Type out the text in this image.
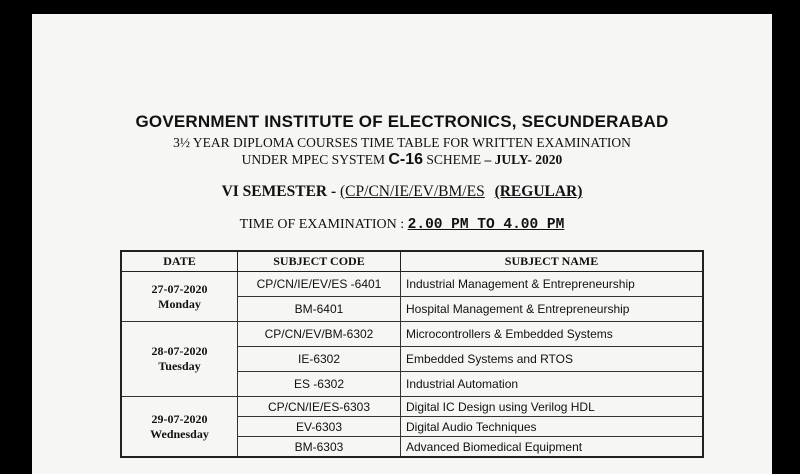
GOVERNMENT INSTITUTE OF ELECTRONICS, SECUNDERABAD
3½ YEAR DIPLOMA COURSES TIME TABLE FOR WRITTEN EXAMINATION
UNDER MPEC SYSTEM C-16 SCHEME – JULY- 2020
VI SEMESTER - (CP/CN/IE/EV/BM/ES (REGULAR)
TIME OF EXAMINATION : 2.00 PM TO 4.00 PM
DATE	SUBJECT CODE	SUBJECT NAME

27-07-2020
Monday	CP/CN/IE/EV/ES -6401	Industrial Management & Entrepreneurship
	BM-6401	Hospital Management & Entrepreneurship

28-07-2020
Tuesday	CP/CN/EV/BM-6302	Microcontrollers & Embedded Systems
	IE-6302	Embedded Systems and RTOS
	ES -6302	Industrial Automation

29-07-2020
Wednesday	CP/CN/IE/ES-6303	Digital IC Design using Verilog HDL
	EV-6303	Digital Audio Techniques
	BM-6303	Advanced Biomedical Equipment
